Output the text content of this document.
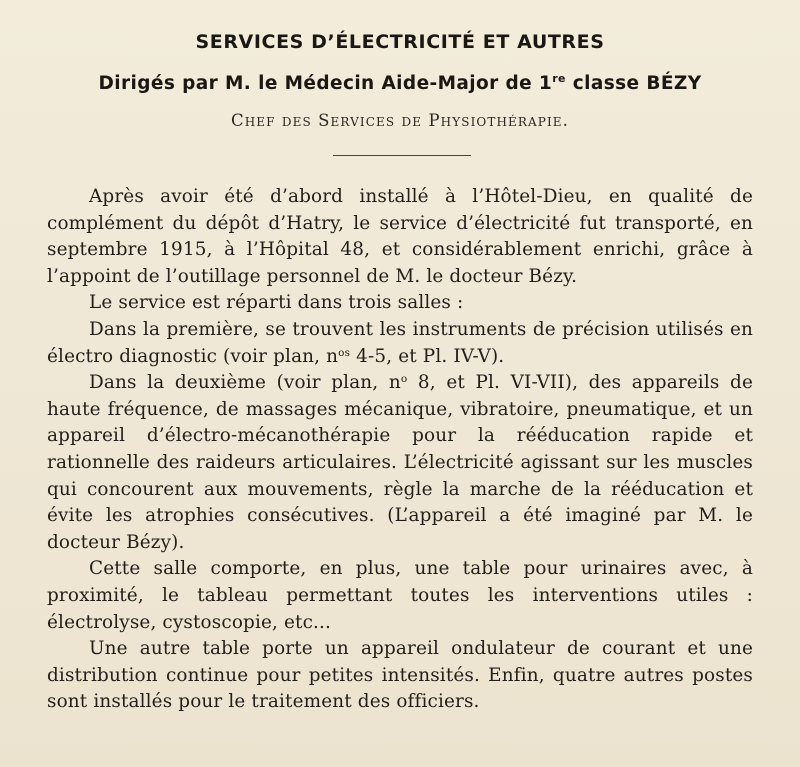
SERVICES D’ÉLECTRICITÉ ET AUTRES
Dirigés par M. le Médecin Aide-Major de 1re classe BÉZY
Chef des Services de Physiothérapie.

Après avoir été d’abord installé à l’Hôtel-Dieu, en qualité de complément du dépôt d’Hatry, le service d’électricité fut transporté, en septembre 1915, à l’Hôpital 48, et considérablement enrichi, grâce à l’appoint de l’outillage personnel de M. le docteur Bézy.

Le service est réparti dans trois salles :

Dans la première, se trouvent les instruments de précision utilisés en électro diagnostic (voir plan, $n^{os}$ 4-5, et Pl. IV-V).

Dans la deuxième (voir plan, $n^o$ 8, et Pl. VI-VII), des appareils de haute fréquence, de massages mécanique, vibratoire, pneumatique, et un appareil d’électro-mécanothérapie pour la rééducation rapide et rationnelle des raideurs articulaires. L’électricité agissant sur les muscles qui concourent aux mouvements, règle la marche de la rééducation et évite les atrophies consécutives. (L’appareil a été imaginé par M. le docteur Bézy).

Cette salle comporte, en plus, une table pour urinaires avec, à proximité, le tableau permettant toutes les interventions utiles : électrolyse, cystoscopie, etc...

Une autre table porte un appareil ondulateur de courant et une distribution continue pour petites intensités. Enfin, quatre autres postes sont installés pour le traitement des officiers.
